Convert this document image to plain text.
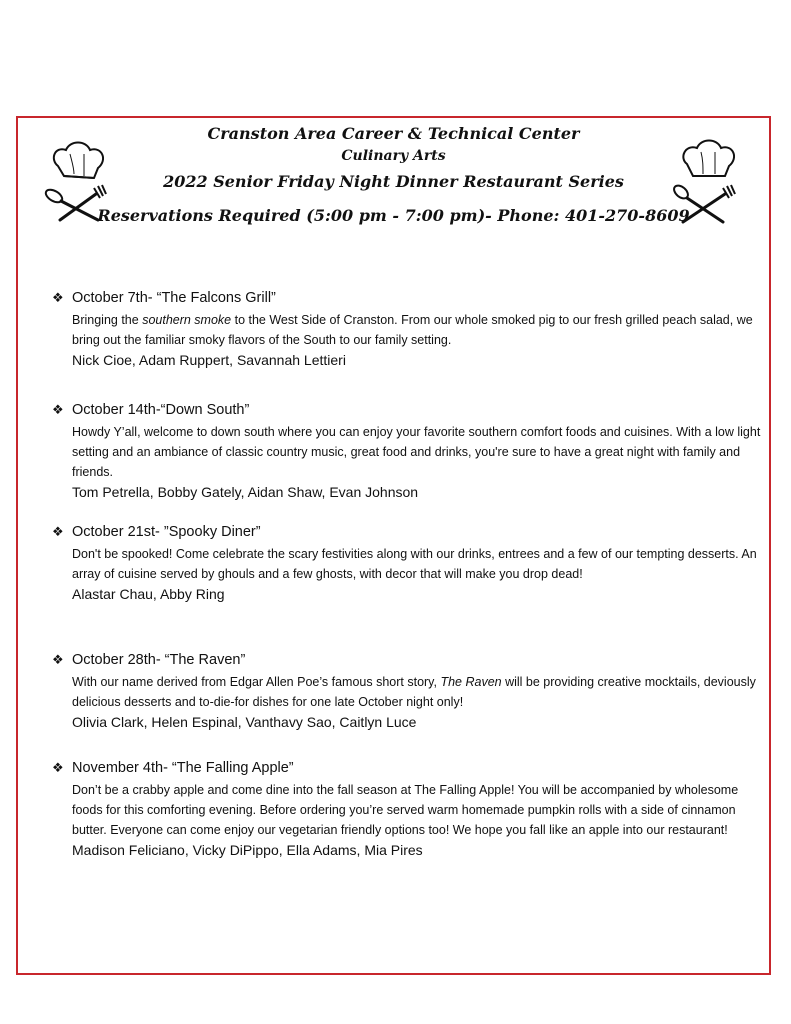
Cranston Area Career & Technical Center
Culinary Arts
2022 Senior Friday Night Dinner Restaurant Series
Reservations Required (5:00 pm - 7:00 pm)- Phone: 401-270-8609
❖ October 7th- “The Falcons Grill”
Bringing the southern smoke to the West Side of Cranston. From our whole smoked pig to our fresh grilled peach salad, we bring out the familiar smoky flavors of the South to our family setting.
Nick Cioe, Adam Ruppert, Savannah Lettieri
❖ October 14th-“Down South”
Howdy Y’all, welcome to down south where you can enjoy your favorite southern comfort foods and cuisines. With a low light setting and an ambiance of classic country music, great food and drinks, you're sure to have a great night with family and friends.
Tom Petrella, Bobby Gately, Aidan Shaw, Evan Johnson
❖ October 21st- ”Spooky Diner”
Don't be spooked! Come celebrate the scary festivities along with our drinks, entrees and a few of our tempting desserts. An array of cuisine served by ghouls and a few ghosts, with decor that will make you drop dead!
Alastar Chau, Abby Ring
❖ October 28th- “The Raven”
With our name derived from Edgar Allen Poe’s famous short story, The Raven will be providing creative mocktails, deviously delicious desserts and to-die-for dishes for one late October night only!
Olivia Clark, Helen Espinal, Vanthavy Sao, Caitlyn Luce
❖ November 4th- “The Falling Apple”
Don’t be a crabby apple and come dine into the fall season at The Falling Apple! You will be accompanied by wholesome foods for this comforting evening. Before ordering you’re served warm homemade pumpkin rolls with a side of cinnamon butter. Everyone can come enjoy our vegetarian friendly options too! We hope you fall like an apple into our restaurant!
Madison Feliciano, Vicky DiPippo, Ella Adams, Mia Pires
